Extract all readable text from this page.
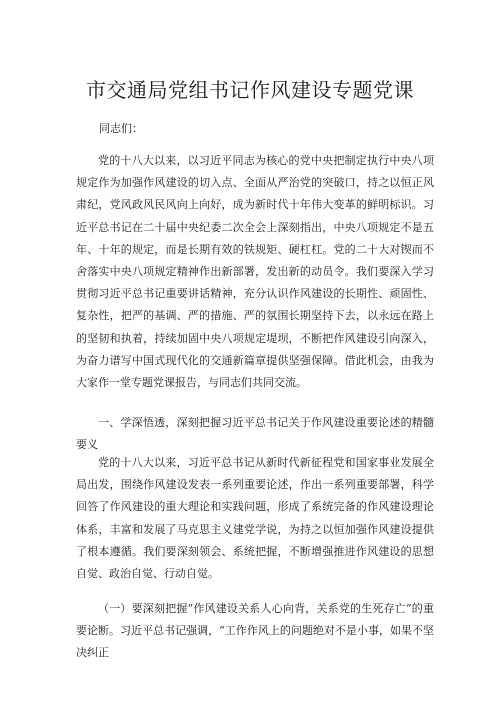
市交通局党组书记作风建设专题党课

同志们：

党的十八大以来，以习近平同志为核心的党中央把制定执行中央八项规定作为加强作风建设的切入点、全面从严治党的突破口，持之以恒正风肃纪，党风政风民风向上向好，成为新时代十年伟大变革的鲜明标识。习近平总书记在二十届中央纪委二次全会上深刻指出，中央八项规定不是五年、十年的规定，而是长期有效的铁规矩、硬杠杠。党的二十大对锲而不舍落实中央八项规定精神作出新部署，发出新的动员令。我们要深入学习贯彻习近平总书记重要讲话精神，充分认识作风建设的长期性、顽固性、复杂性，把严的基调、严的措施、严的氛围长期坚持下去，以永远在路上的坚韧和执着，持续加固中央八项规定堤坝，不断把作风建设引向深入，为奋力谱写中国式现代化的交通新篇章提供坚强保障。借此机会，由我为大家作一堂专题党课报告，与同志们共同交流。

一、学深悟透，深刻把握习近平总书记关于作风建设重要论述的精髓要义

党的十八大以来，习近平总书记从新时代新征程党和国家事业发展全局出发，围绕作风建设发表一系列重要论述，作出一系列重要部署，科学回答了作风建设的重大理论和实践问题，形成了系统完备的作风建设理论体系，丰富和发展了马克思主义建党学说，为持之以恒加强作风建设提供了根本遵循。我们要深刻领会、系统把握，不断增强推进作风建设的思想自觉、政治自觉、行动自觉。

（一）要深刻把握“作风建设关系人心向背，关系党的生死存亡”的重要论断。习近平总书记强调，“工作作风上的问题绝对不是小事，如果不坚决纠正
